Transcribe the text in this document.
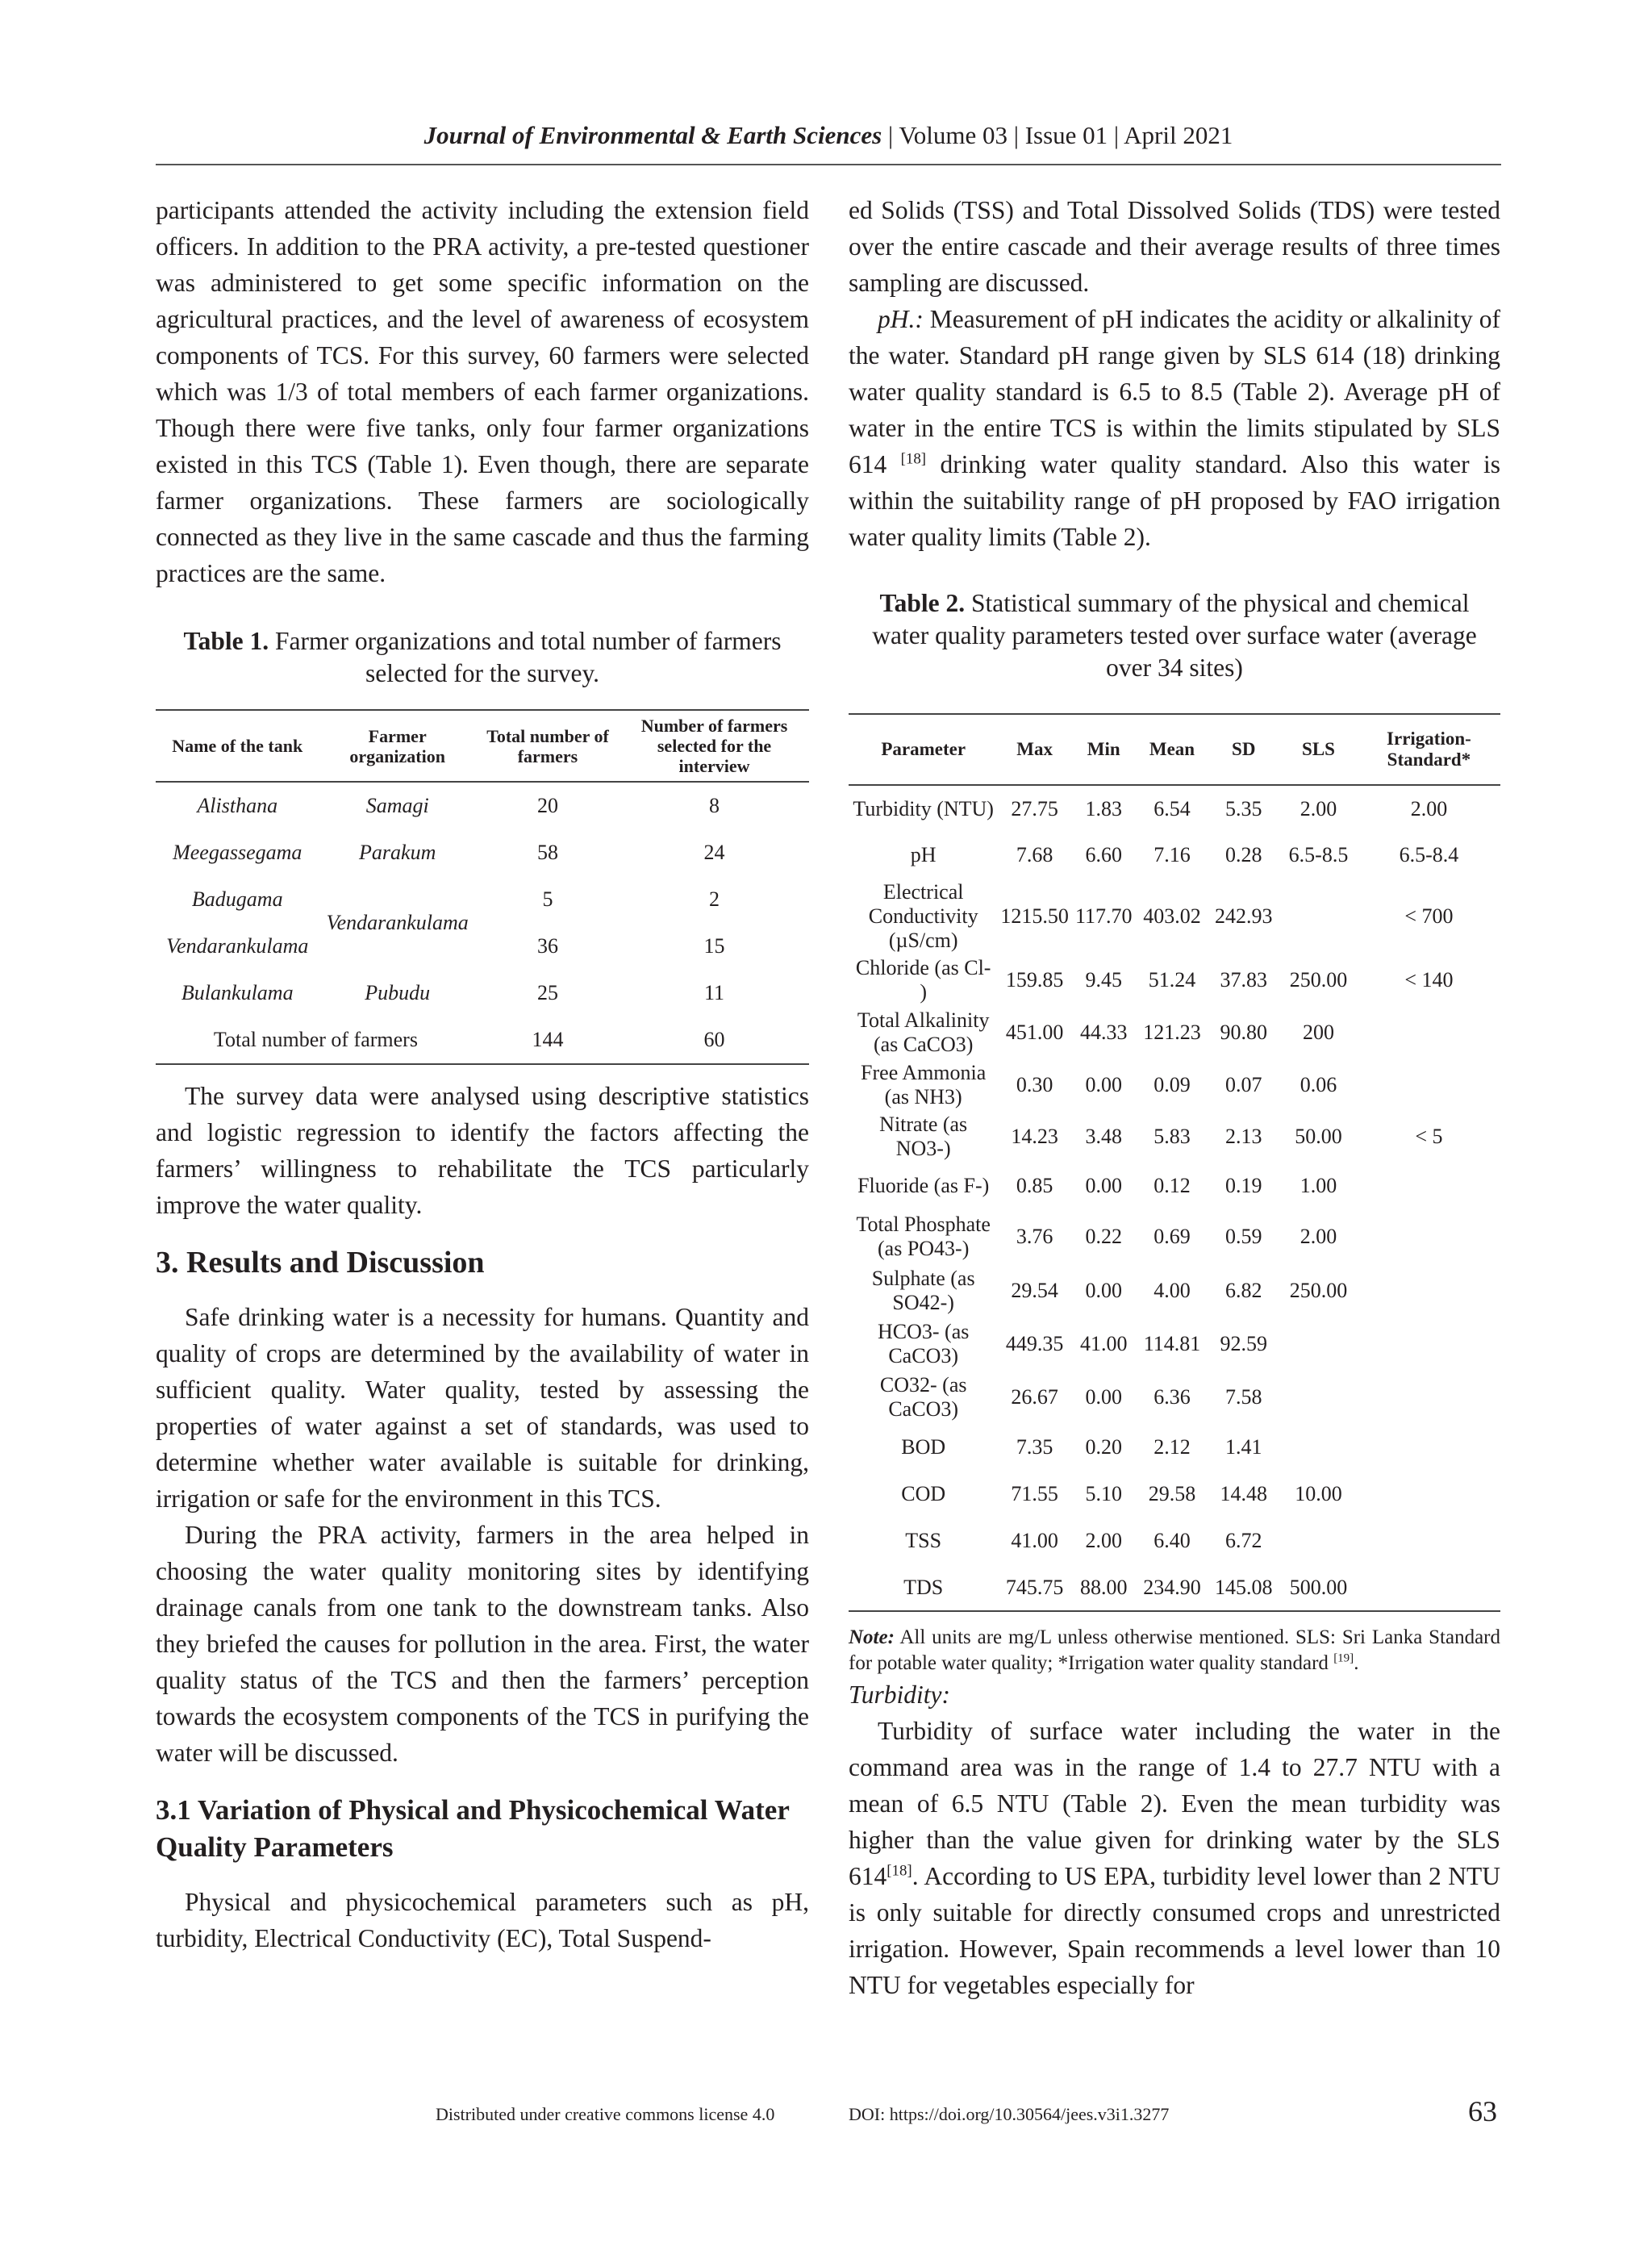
Journal of Environmental & Earth Sciences | Volume 03 | Issue 01 | April 2021

participants attended the activity including the extension field officers. In addition to the PRA activity, a pre-tested questioner was administered to get some specific information on the agricultural practices, and the level of awareness of ecosystem components of TCS. For this survey, 60 farmers were selected which was 1/3 of total members of each farmer organizations. Though there were five tanks, only four farmer organizations existed in this TCS (Table 1). Even though, there are separate farmer organizations. These farmers are sociologically connected as they live in the same cascade and thus the farming practices are the same.

Table 1. Farmer organizations and total number of farmers selected for the survey.

Name of the tank	Farmer organization	Total number of farmers	Number of farmers selected for the interview
Alisthana	Samagi	20	8
Meegassegama	Parakum	58	24
Badugama	Vendarankulama	5	2
Vendarankulama		36	15
Bulankulama	Pubudu	25	11
Total number of farmers		144	60

The survey data were analysed using descriptive statistics and logistic regression to identify the factors affecting the farmers’ willingness to rehabilitate the TCS particularly improve the water quality.

3. Results and Discussion

Safe drinking water is a necessity for humans. Quantity and quality of crops are determined by the availability of water in sufficient quality. Water quality, tested by assessing the properties of water against a set of standards, was used to determine whether water available is suitable for drinking, irrigation or safe for the environment in this TCS.

During the PRA activity, farmers in the area helped in choosing the water quality monitoring sites by identifying drainage canals from one tank to the downstream tanks. Also they briefed the causes for pollution in the area. First, the water quality status of the TCS and then the farmers’ perception towards the ecosystem components of the TCS in purifying the water will be discussed.

3.1 Variation of Physical and Physicochemical Water Quality Parameters

Physical and physicochemical parameters such as pH, turbidity, Electrical Conductivity (EC), Total Suspend-

ed Solids (TSS) and Total Dissolved Solids (TDS) were tested over the entire cascade and their average results of three times sampling are discussed.

pH.: Measurement of pH indicates the acidity or alkalinity of the water. Standard pH range given by SLS 614 (18) drinking water quality standard is 6.5 to 8.5 (Table 2). Average pH of water in the entire TCS is within the limits stipulated by SLS 614 [18] drinking water quality standard. Also this water is within the suitability range of pH proposed by FAO irrigation water quality limits (Table 2).

Table 2. Statistical summary of the physical and chemical water quality parameters tested over surface water (average over 34 sites)

Parameter	Max	Min	Mean	SD	SLS	Irrigation-Standard*
Turbidity (NTU)	27.75	1.83	6.54	5.35	2.00	2.00
pH	7.68	6.60	7.16	0.28	6.5-8.5	6.5-8.4
Electrical Conductivity (µS/cm)	1215.50	117.70	403.02	242.93		< 700
Chloride (as Cl- )	159.85	9.45	51.24	37.83	250.00	< 140
Total Alkalinity (as CaCO3)	451.00	44.33	121.23	90.80	200	
Free Ammonia (as NH3)	0.30	0.00	0.09	0.07	0.06	
Nitrate (as NO3-)	14.23	3.48	5.83	2.13	50.00	< 5
Fluoride (as F-)	0.85	0.00	0.12	0.19	1.00	
Total Phosphate (as PO43-)	3.76	0.22	0.69	0.59	2.00	
Sulphate (as SO42-)	29.54	0.00	4.00	6.82	250.00	
HCO3- (as CaCO3)	449.35	41.00	114.81	92.59		
CO32- (as CaCO3)	26.67	0.00	6.36	7.58		
BOD	7.35	0.20	2.12	1.41		
COD	71.55	5.10	29.58	14.48	10.00	
TSS	41.00	2.00	6.40	6.72		
TDS	745.75	88.00	234.90	145.08	500.00	

Note: All units are mg/L unless otherwise mentioned. SLS: Sri Lanka Standard for potable water quality; *Irrigation water quality standard [19].

Turbidity:

Turbidity of surface water including the water in the command area was in the range of 1.4 to 27.7 NTU with a mean of 6.5 NTU (Table 2). Even the mean turbidity was higher than the value given for drinking water by the SLS 614[18]. According to US EPA, turbidity level lower than 2 NTU is only suitable for directly consumed crops and unrestricted irrigation. However, Spain recommends a level lower than 10 NTU for vegetables especially for

Distributed under creative commons license 4.0	DOI: https://doi.org/10.30564/jees.v3i1.3277	63
